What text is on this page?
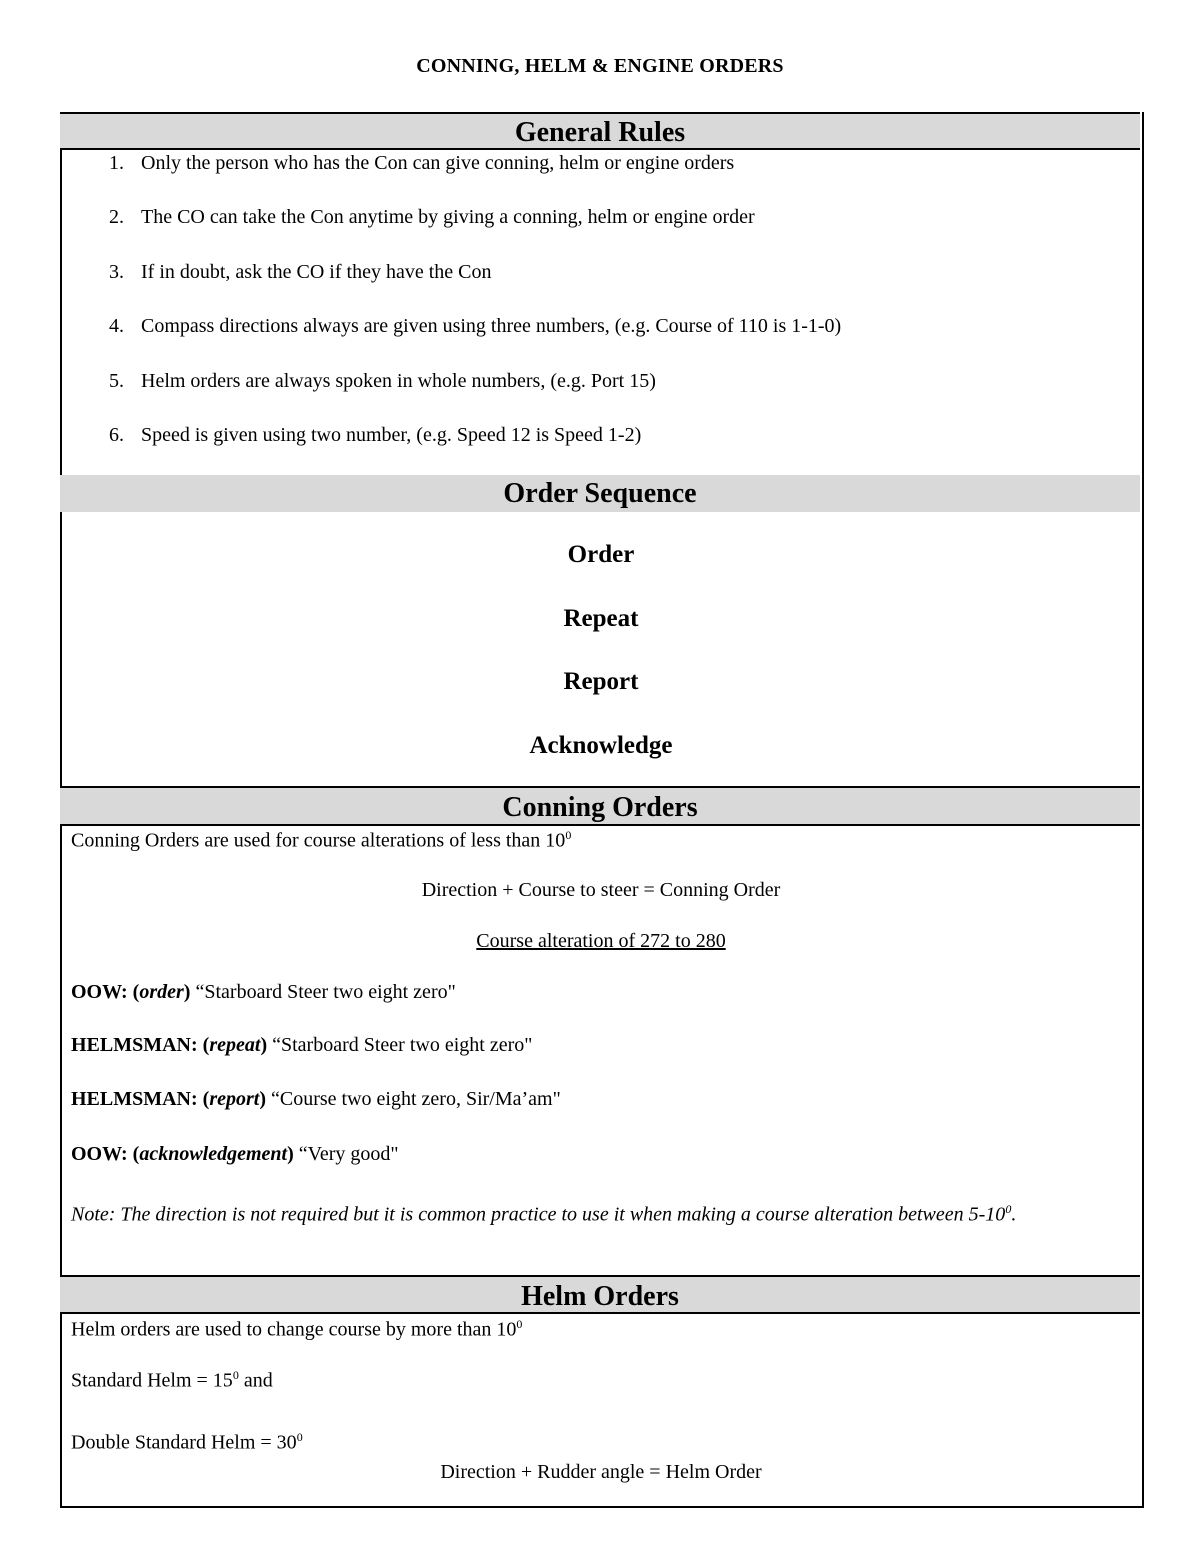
CONNING, HELM & ENGINE ORDERS
General Rules
1. Only the person who has the Con can give conning, helm or engine orders
2. The CO can take the Con anytime by giving a conning, helm or engine order
3. If in doubt, ask the CO if they have the Con
4. Compass directions always are given using three numbers, (e.g. Course of 110 is 1-1-0)
5. Helm orders are always spoken in whole numbers, (e.g. Port 15)
6. Speed is given using two number, (e.g. Speed 12 is Speed 1-2)
Order Sequence
Order
Repeat
Report
Acknowledge
Conning Orders
Conning Orders are used for course alterations of less than $10^0$
Direction + Course to steer = Conning Order
Course alteration of 272 to 280
OOW: (order) “Starboard Steer two eight zero"
HELMSMAN: (repeat) “Starboard Steer two eight zero"
HELMSMAN: (report) “Course two eight zero, Sir/Ma’am"
OOW: (acknowledgement) “Very good"
Note: The direction is not required but it is common practice to use it when making a course alteration between $5-10^0$.
Helm Orders
Helm orders are used to change course by more than $10^0$
Standard Helm = $15^0$ and
Double Standard Helm = $30^0$
Direction + Rudder angle = Helm Order
